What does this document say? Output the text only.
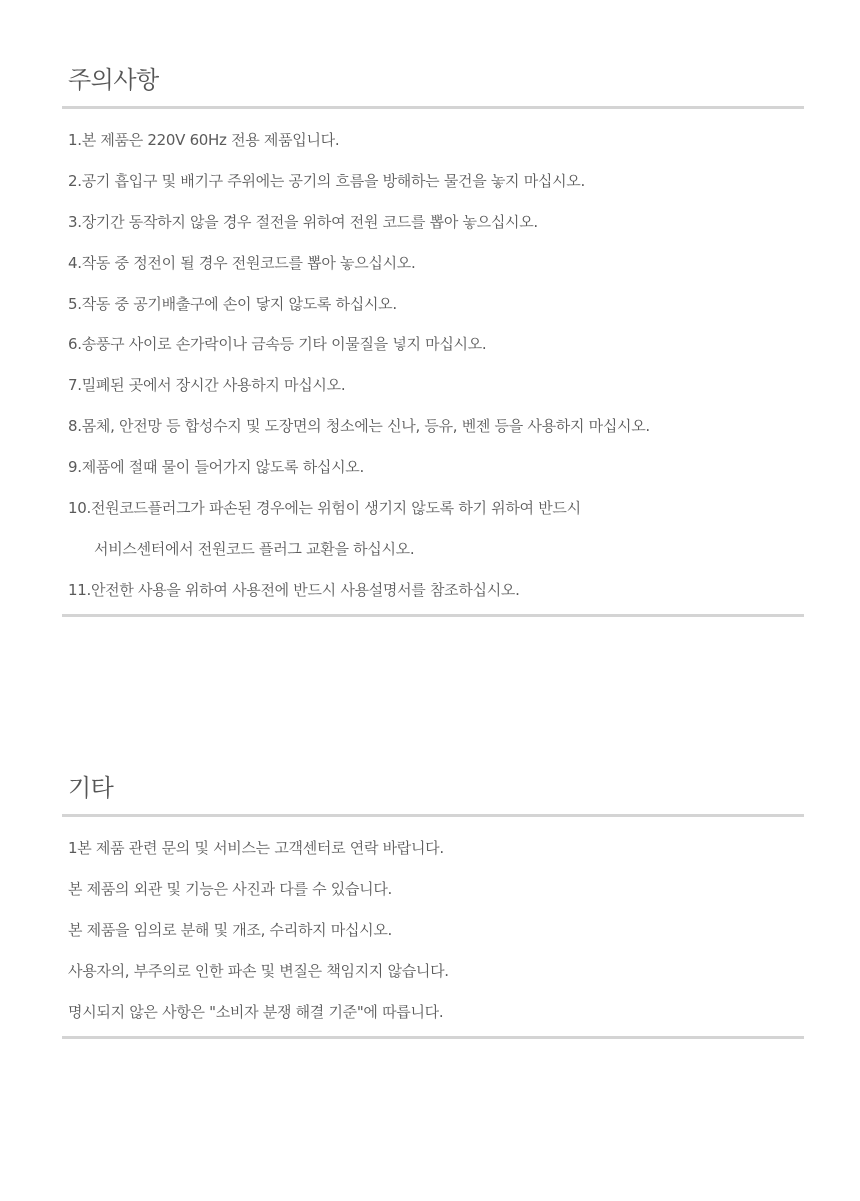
주의사항
1.본 제품은 220V 60Hz 전용 제품입니다.
2.공기 흡입구 및 배기구 주위에는 공기의 흐름을 방해하는 물건을 놓지 마십시오.
3.장기간 동작하지 않을 경우 절전을 위하여 전원 코드를 뽑아 놓으십시오.
4.작동 중 정전이 될 경우 전원코드를 뽑아 놓으십시오.
5.작동 중 공기배출구에 손이 닿지 않도록 하십시오.
6.송풍구 사이로 손가락이나 금속등 기타 이물질을 넣지 마십시오.
7.밀폐된 곳에서 장시간 사용하지 마십시오.
8.몸체, 안전망 등 합성수지 및 도장면의 청소에는 신나, 등유, 벤젠 등을 사용하지 마십시오.
9.제품에 절때 물이 들어가지 않도록 하십시오.
10.전원코드플러그가 파손된 경우에는 위험이 생기지 않도록 하기 위하여 반드시
서비스센터에서 전원코드 플러그 교환을 하십시오.
11.안전한 사용을 위하여 사용전에 반드시 사용설명서를 참조하십시오.
기타
1본 제품 관련 문의 및 서비스는 고객센터로 연락 바랍니다.
본 제품의 외관 및 기능은 사진과 다를 수 있습니다.
본 제품을 임의로 분해 및 개조, 수리하지 마십시오.
사용자의, 부주의로 인한 파손 및 변질은 책임지지 않습니다.
명시되지 않은 사항은 "소비자 분쟁 해결 기준"에 따릅니다.
